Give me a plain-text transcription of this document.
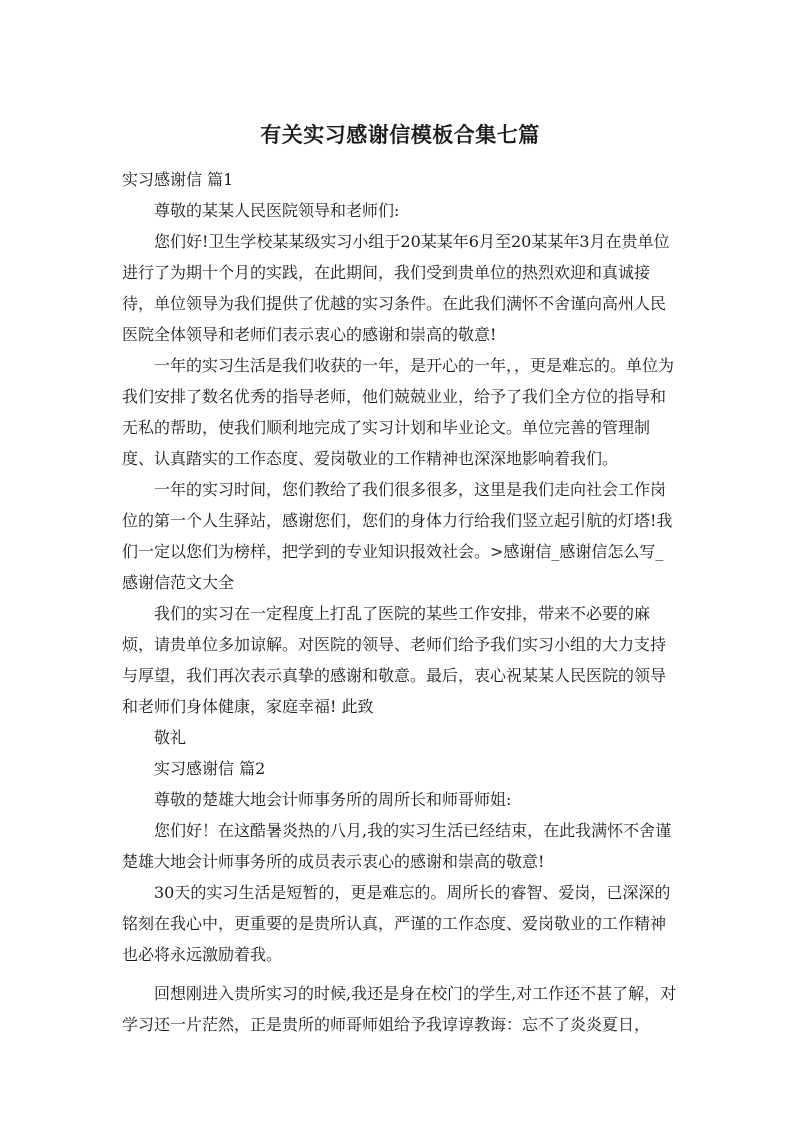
有关实习感谢信模板合集七篇

实习感谢信 篇1

尊敬的某某人民医院领导和老师们:

您们好!卫生学校某某级实习小组于20某某年6月至20某某年3月在贵单位进行了为期十个月的实践，在此期间，我们受到贵单位的热烈欢迎和真诚接待，单位领导为我们提供了优越的实习条件。在此我们满怀不舍谨向高州人民医院全体领导和老师们表示衷心的感谢和崇高的敬意!

一年的实习生活是我们收获的一年，是开心的一年，，更是难忘的。单位为我们安排了数名优秀的指导老师，他们兢兢业业，给予了我们全方位的指导和无私的帮助，使我们顺利地完成了实习计划和毕业论文。单位完善的管理制度、认真踏实的工作态度、爱岗敬业的工作精神也深深地影响着我们。

一年的实习时间，您们教给了我们很多很多，这里是我们走向社会工作岗位的第一个人生驿站，感谢您们，您们的身体力行给我们竖立起引航的灯塔!我们一定以您们为榜样，把学到的专业知识报效社会。>感谢信_感谢信怎么写_感谢信范文大全

我们的实习在一定程度上打乱了医院的某些工作安排，带来不必要的麻烦，请贵单位多加谅解。对医院的领导、老师们给予我们实习小组的大力支持与厚望，我们再次表示真挚的感谢和敬意。最后，衷心祝某某人民医院的领导和老师们身体健康，家庭幸福! 此致

敬礼

实习感谢信 篇2

尊敬的楚雄大地会计师事务所的周所长和师哥师姐:

您们好！在这酷暑炎热的八月,我的实习生活已经结束，在此我满怀不舍谨楚雄大地会计师事务所的成员表示衷心的感谢和崇高的敬意!

30天的实习生活是短暂的，更是难忘的。周所长的睿智、爱岗，已深深的铭刻在我心中，更重要的是贵所认真，严谨的工作态度、爱岗敬业的工作精神也必将永远激励着我。

回想刚进入贵所实习的时候,我还是身在校门的学生,对工作还不甚了解，对学习还一片茫然，正是贵所的师哥师姐给予我谆谆教诲：忘不了炎炎夏日，
